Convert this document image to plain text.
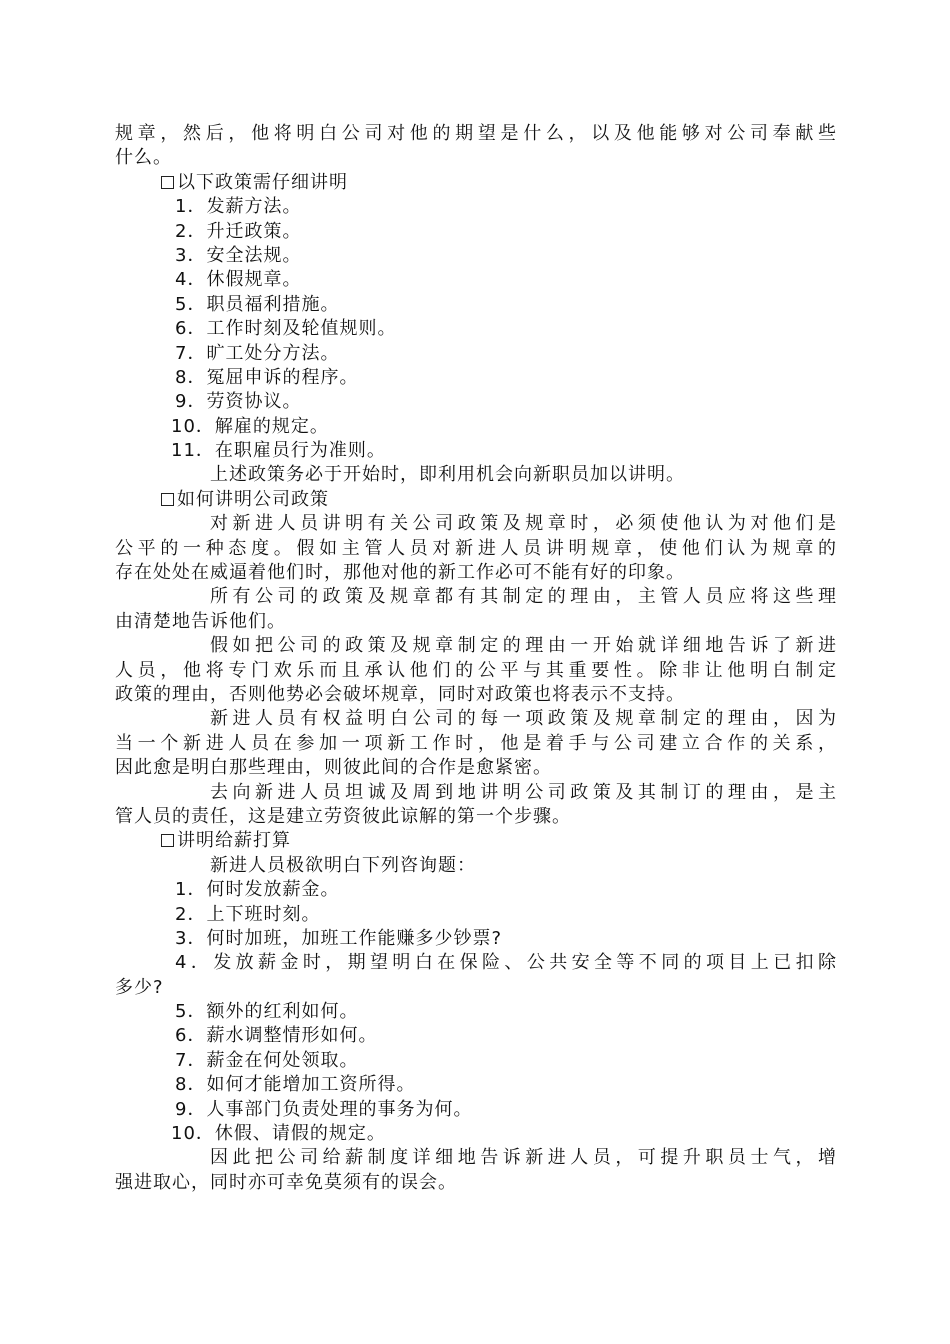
规章，然后，他将明白公司对他的期望是什么，以及他能够对公司奉献些
什么。
以下政策需仔细讲明
1．发薪方法。
2．升迁政策。
3．安全法规。
4．休假规章。
5．职员福利措施。
6．工作时刻及轮值规则。
7．旷工处分方法。
8．冤屈申诉的程序。
9．劳资协议。
10．解雇的规定。
11．在职雇员行为准则。
上述政策务必于开始时，即利用机会向新职员加以讲明。
如何讲明公司政策
对新进人员讲明有关公司政策及规章时，必须使他认为对他们是
公平的一种态度。假如主管人员对新进人员讲明规章，使他们认为规章的
存在处处在威逼着他们时，那他对他的新工作必可不能有好的印象。
所有公司的政策及规章都有其制定的理由，主管人员应将这些理
由清楚地告诉他们。
假如把公司的政策及规章制定的理由一开始就详细地告诉了新进
人员，他将专门欢乐而且承认他们的公平与其重要性。除非让他明白制定
政策的理由，否则他势必会破坏规章，同时对政策也将表示不支持。
新进人员有权益明白公司的每一项政策及规章制定的理由，因为
当一个新进人员在参加一项新工作时，他是着手与公司建立合作的关系，
因此愈是明白那些理由，则彼此间的合作是愈紧密。
去向新进人员坦诚及周到地讲明公司政策及其制订的理由，是主
管人员的责任，这是建立劳资彼此谅解的第一个步骤。
讲明给薪打算
新进人员极欲明白下列咨询题：
1．何时发放薪金。
2．上下班时刻。
3．何时加班，加班工作能赚多少钞票?
4．发放薪金时，期望明白在保险、公共安全等不同的项目上已扣除
多少?
5．额外的红利如何。
6．薪水调整情形如何。
7．薪金在何处领取。
8．如何才能增加工资所得。
9．人事部门负责处理的事务为何。
10．休假、请假的规定。
因此把公司给薪制度详细地告诉新进人员，可提升职员士气，增
强进取心，同时亦可幸免莫须有的误会。
